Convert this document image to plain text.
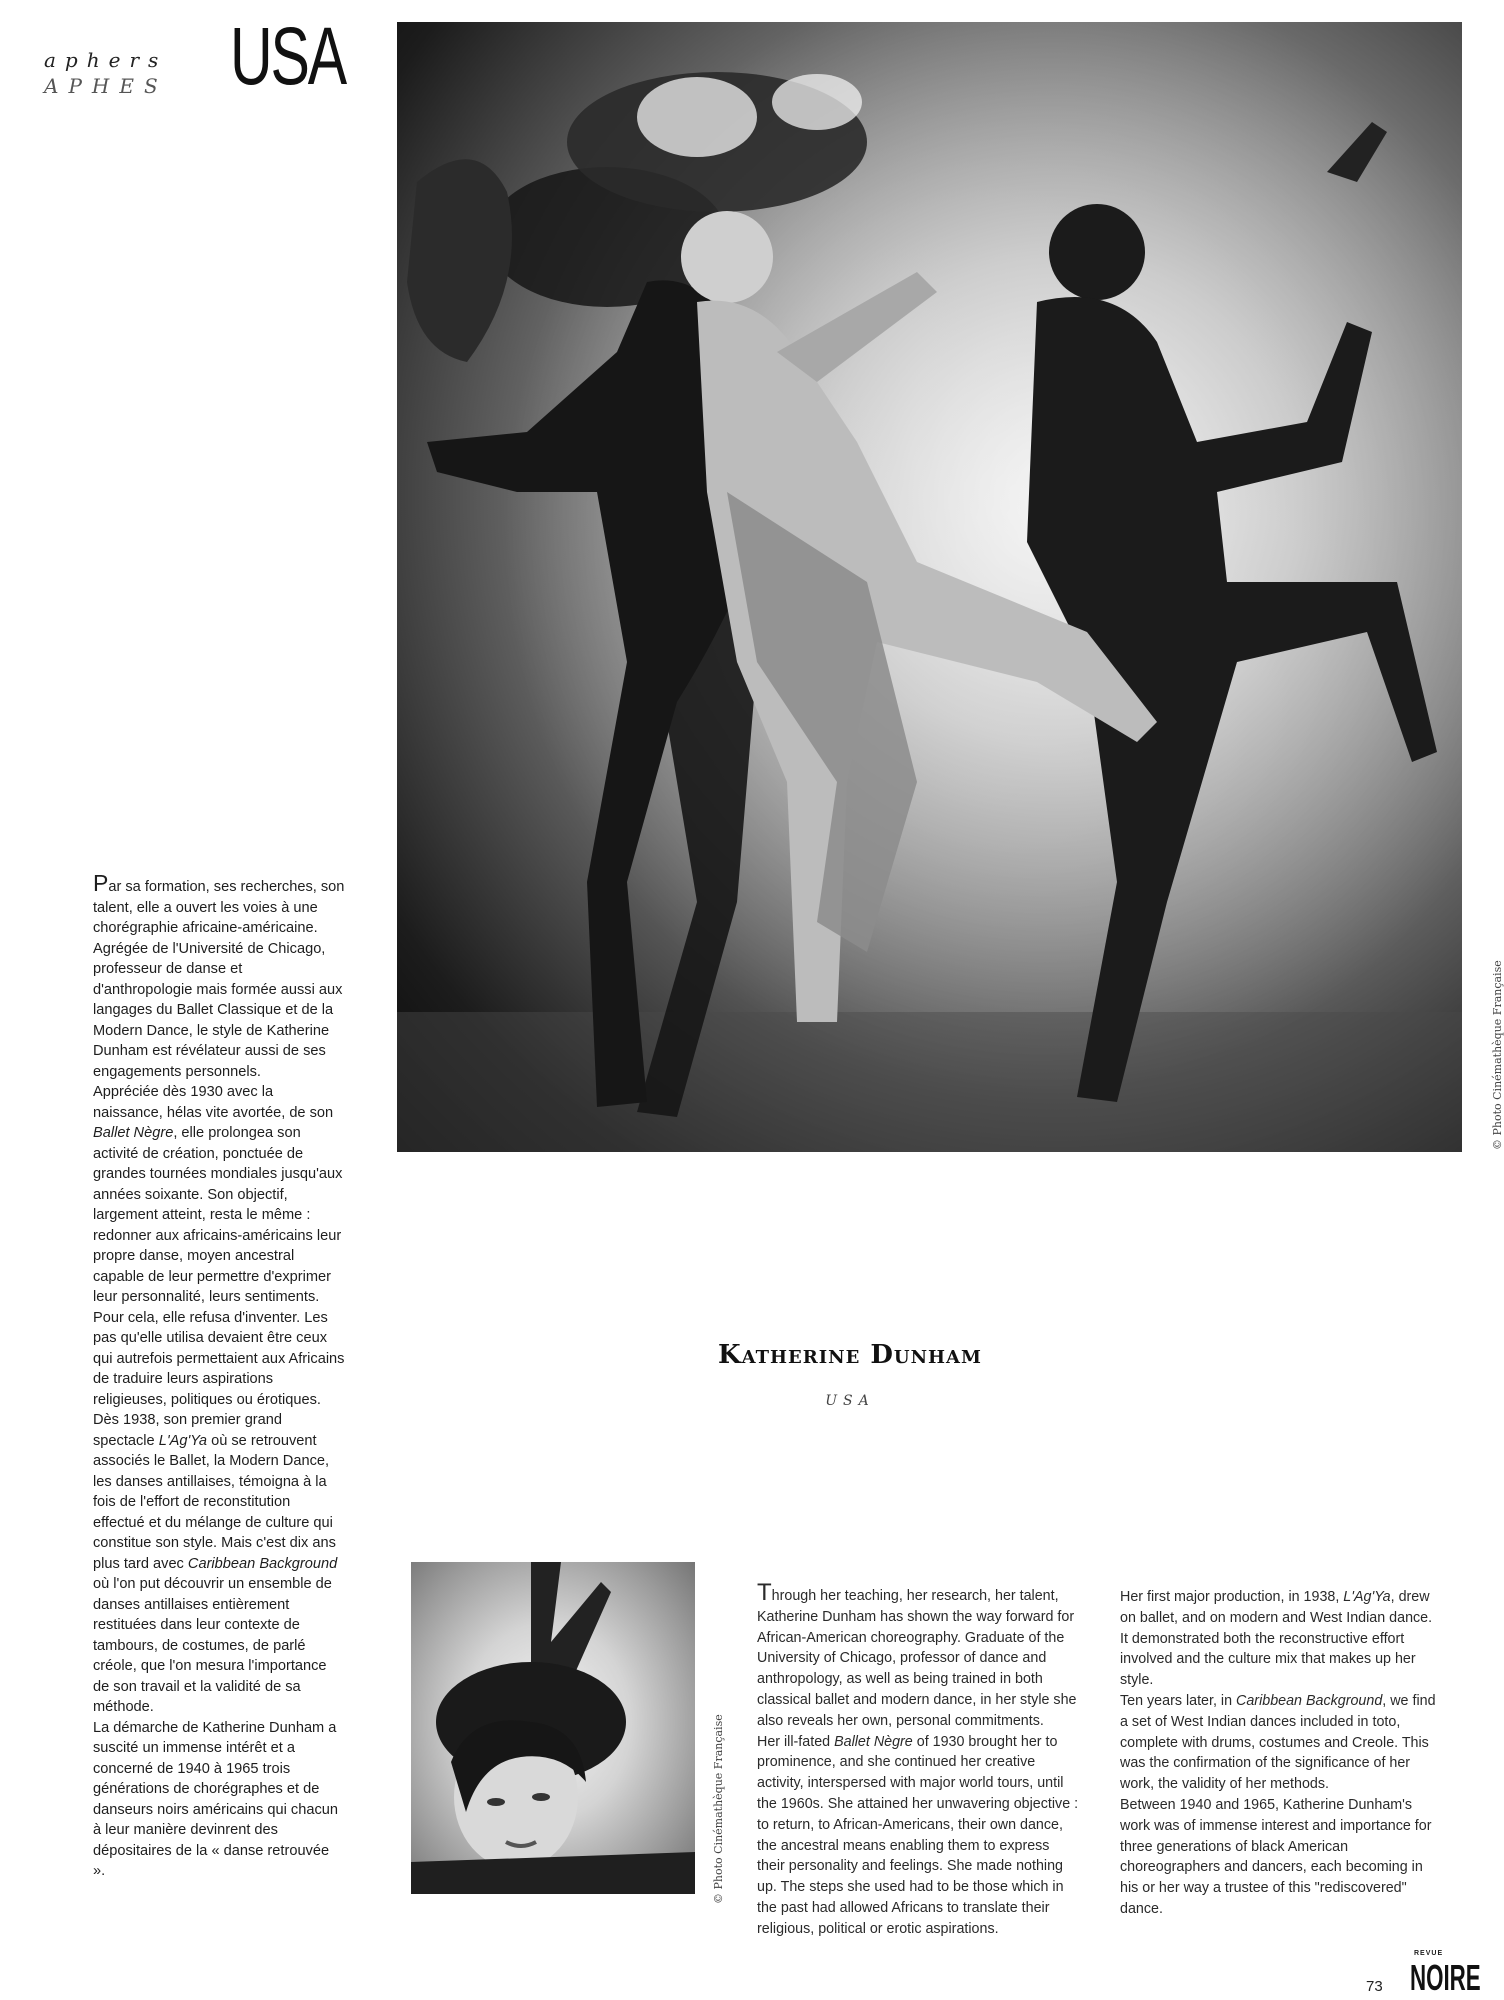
aphers
APHES USA
© Photo Cinémathèque Française

Par sa formation, ses recherches, son talent, elle a ouvert les voies à une chorégraphie africaine-américaine. Agrégée de l'Université de Chicago, professeur de danse et d'anthropologie mais formée aussi aux langages du Ballet Classique et de la Modern Dance, le style de Katherine Dunham est révélateur aussi de ses engagements personnels.

Appréciée dès 1930 avec la naissance, hélas vite avortée, de son Ballet Nègre, elle prolongea son activité de création, ponctuée de grandes tournées mondiales jusqu'aux années soixante. Son objectif, largement atteint, resta le même : redonner aux africains-américains leur propre danse, moyen ancestral capable de leur permettre d'exprimer leur personnalité, leurs sentiments. Pour cela, elle refusa d'inventer. Les pas qu'elle utilisa devaient être ceux qui autrefois permettaient aux Africains de traduire leurs aspirations religieuses, politiques ou érotiques.

Dès 1938, son premier grand spectacle L'Ag'Ya où se retrouvent associés le Ballet, la Modern Dance, les danses antillaises, témoigna à la fois de l'effort de reconstitution effectué et du mélange de culture qui constitue son style. Mais c'est dix ans plus tard avec Caribbean Background où l'on put découvrir un ensemble de danses antillaises entièrement restituées dans leur contexte de tambours, de costumes, de parlé créole, que l'on mesura l'importance de son travail et la validité de sa méthode.

La démarche de Katherine Dunham a suscité un immense intérêt et a concerné de 1940 à 1965 trois générations de chorégraphes et de danseurs noirs américains qui chacun à leur manière devinrent des dépositaires de la « danse retrouvée ».

Katherine Dunham
USA
© Photo Cinémathèque Française

Through her teaching, her research, her talent, Katherine Dunham has shown the way forward for African-American choreography. Graduate of the University of Chicago, professor of dance and anthropology, as well as being trained in both classical ballet and modern dance, in her style she also reveals her own, personal commitments.

Her ill-fated Ballet Nègre of 1930 brought her to prominence, and she continued her creative activity, interspersed with major world tours, until the 1960s. She attained her unwavering objective : to return, to African-Americans, their own dance, the ancestral means enabling them to express their personality and feelings. She made nothing up. The steps she used had to be those which in the past had allowed Africans to translate their religious, political or erotic aspirations.

Her first major production, in 1938, L'Ag'Ya, drew on ballet, and on modern and West Indian dance. It demonstrated both the reconstructive effort involved and the culture mix that makes up her style.

Ten years later, in Caribbean Background, we find a set of West Indian dances included in toto, complete with drums, costumes and Creole. This was the confirmation of the significance of her work, the validity of her methods.

Between 1940 and 1965, Katherine Dunham's work was of immense interest and importance for three generations of black American choreographers and dancers, each becoming in his or her way a trustee of this "rediscovered" dance.

73
REVUE
NOIRE
